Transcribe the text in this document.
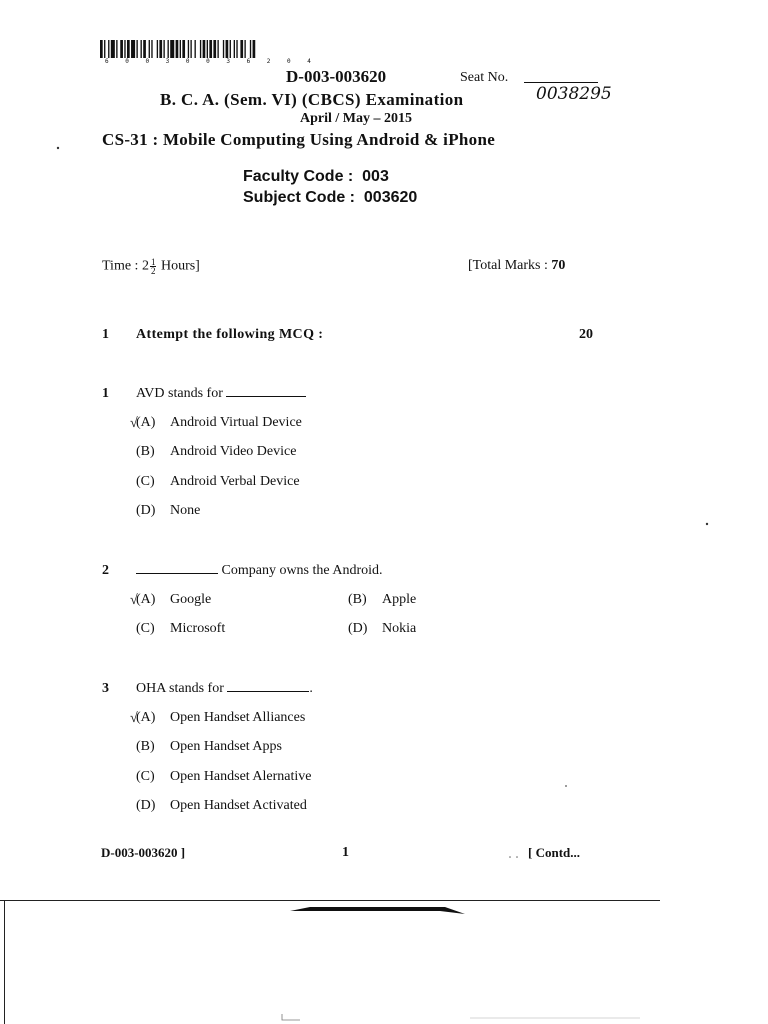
6 0 0 3 0 0 3 6 2 0 4
D-003-003620	Seat No.
0038295
B. C. A. (Sem. VI) (CBCS) Examination
April / May – 2015
CS-31 : Mobile Computing Using Android & iPhone
Faculty Code :  003
Subject Code :  003620
Time : $2 \frac{1}{2}$ Hours]	[Total Marks : 70
1 Attempt the following MCQ :	20
1 AVD stands for
√
(A) Android Virtual Device
(B) Android Video Device
(C) Android Verbal Device
(D) None
2	Company owns the Android.
√
(A) Google	(B) Apple
(C) Microsoft	(D) Nokia
3 OHA stands for	.
√
(A) Open Handset Alliances
(B) Open Handset Apps
(C) Open Handset Alernative
(D) Open Handset Activated
D-003-003620 ]	1	[ Contd...
